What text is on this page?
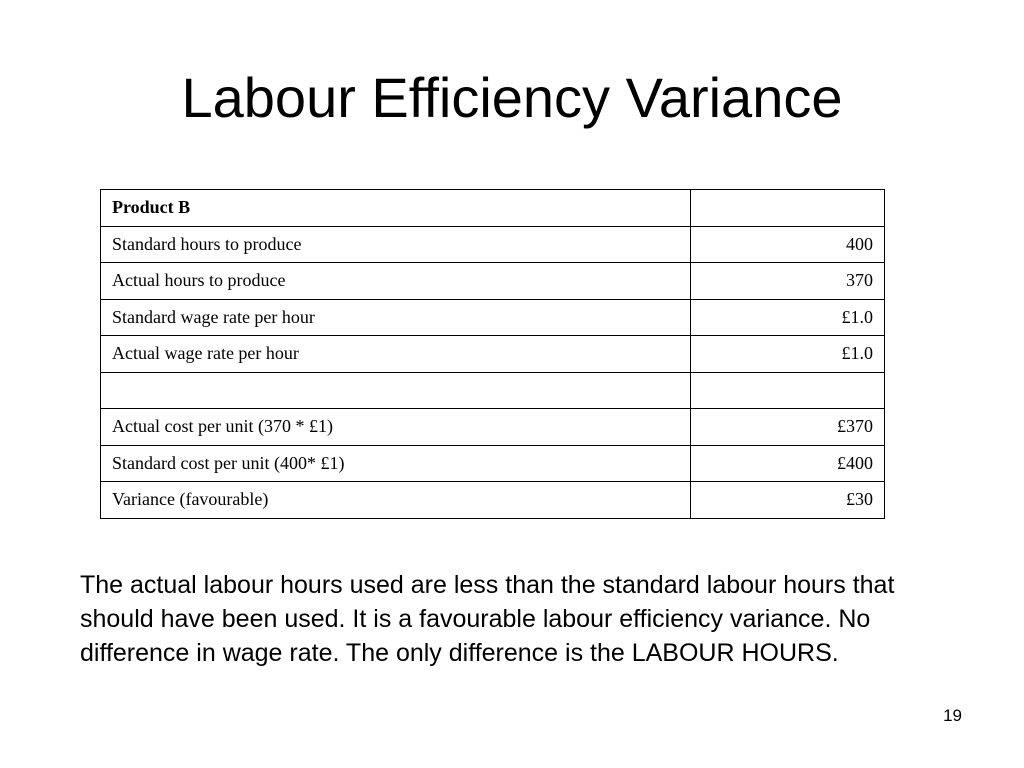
Labour Efficiency Variance
Product B	
Standard hours to produce	400
Actual hours to produce	370
Standard wage rate per hour	£1.0
Actual wage rate per hour	£1.0

Actual cost per unit (370 * £1)	£370
Standard cost per unit (400* £1)	£400
Variance (favourable)	£30

The actual labour hours used are less than the standard labour hours that should have been used. It is a favourable labour efficiency variance. No difference in wage rate. The only difference is the LABOUR HOURS.

19
